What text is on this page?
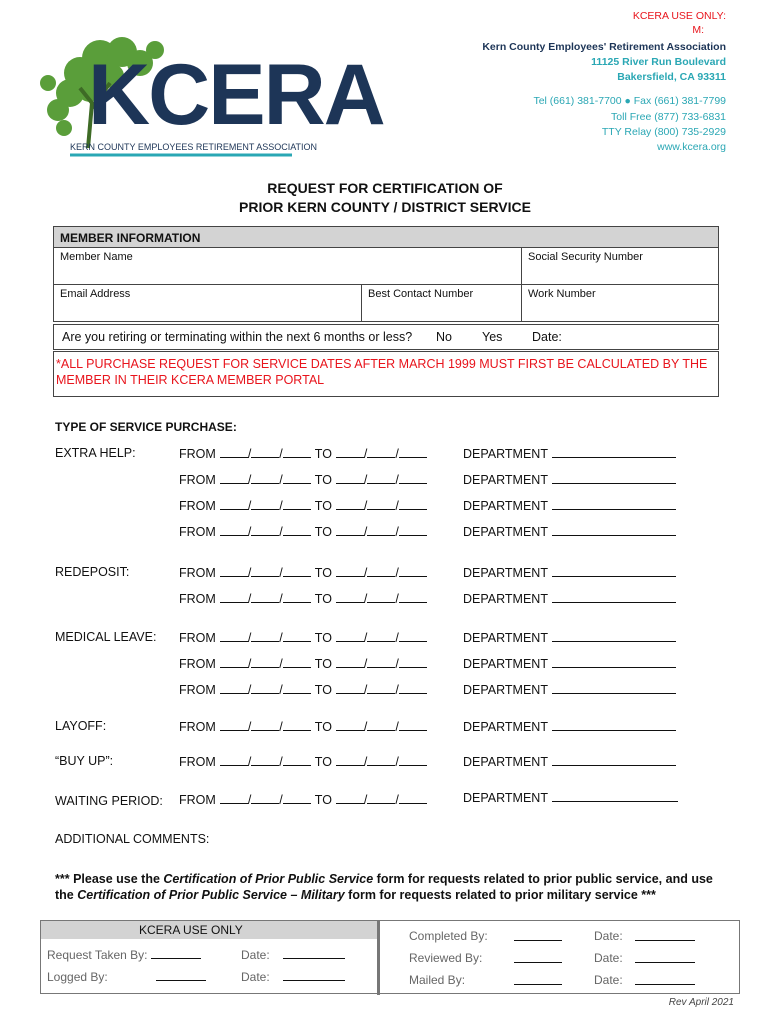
KCERA USE ONLY:
M:
Kern County Employees' Retirement Association
11125 River Run Boulevard
Bakersfield, CA 93311
Tel (661) 381-7700 ● Fax (661) 381-7799
Toll Free (877) 733-6831
TTY Relay (800) 735-2929
www.kcera.org
KCERA
KERN COUNTY EMPLOYEES RETIREMENT ASSOCIATION
REQUEST FOR CERTIFICATION OF
PRIOR KERN COUNTY / DISTRICT SERVICE
MEMBER INFORMATION
Member Name	Social Security Number
Email Address	Best Contact Number	Work Number
Are you retiring or terminating within the next 6 months or less? No Yes Date:
*ALL PURCHASE REQUEST FOR SERVICE DATES AFTER MARCH 1999 MUST FIRST BE CALCULATED BY THE MEMBER IN THEIR KCERA MEMBER PORTAL
TYPE OF SERVICE PURCHASE:
EXTRA HELP:	FROM	/ /	TO	/ /	DEPARTMENT
FROM	/ /	TO	/ /	DEPARTMENT
FROM	/ /	TO	/ /	DEPARTMENT
FROM	/ /	TO	/ /	DEPARTMENT
REDEPOSIT:	FROM	/ /	TO	/ /	DEPARTMENT
FROM	/ /	TO	/ /	DEPARTMENT
MEDICAL LEAVE: FROM	/ /	TO	/ /	DEPARTMENT
FROM	/ /	TO	/ /	DEPARTMENT
FROM	/ /	TO	/ /	DEPARTMENT
LAYOFF:	FROM	/ /	TO	/ /	DEPARTMENT
“BUY UP”:	FROM	/ /	TO	/ /	DEPARTMENT
WAITING PERIOD: FROM	/ /	TO	/ /	DEPARTMENT
ADDITIONAL COMMENTS:
*** Please use the Certification of Prior Public Service form for requests related to prior public service, and use the Certification of Prior Public Service – Military form for requests related to prior military service ***
KCERA USE ONLY
Request Taken By:	Date:
Logged By:	Date:
Completed By:	Date:
Reviewed By:	Date:
Mailed By:	Date:
Rev April 2021
